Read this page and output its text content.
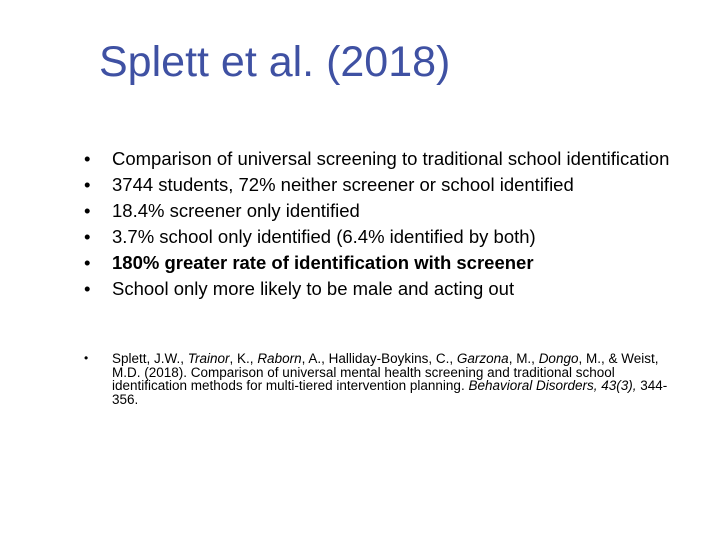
Splett et al. (2018)
• Comparison of universal screening to traditional school identification
• 3744 students, 72% neither screener or school identified
• 18.4% screener only identified
• 3.7% school only identified (6.4% identified by both)
• 180% greater rate of identification with screener
• School only more likely to be male and acting out
• Splett, J.W., Trainor, K., Raborn, A., Halliday-Boykins, C., Garzona, M., Dongo, M., & Weist, M.D. (2018). Comparison of universal mental health screening and traditional school identification methods for multi-tiered intervention planning. Behavioral Disorders, 43(3), 344-356.
